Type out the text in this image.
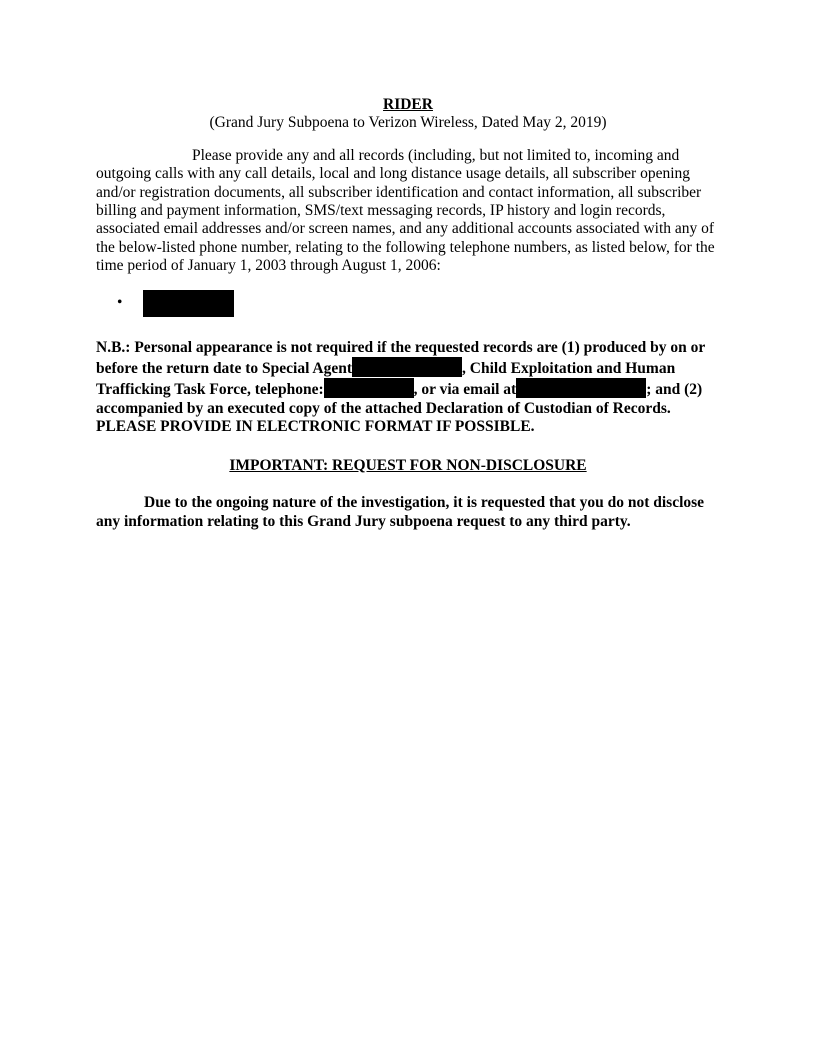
RIDER

(Grand Jury Subpoena to Verizon Wireless, Dated May 2, 2019)

Please provide any and all records (including, but not limited to, incoming and outgoing calls with any call details, local and long distance usage details, all subscriber opening and/or registration documents, all subscriber identification and contact information, all subscriber billing and payment information, SMS/text messaging records, IP history and login records, associated email addresses and/or screen names, and any additional accounts associated with any of the below-listed phone number, relating to the following telephone numbers, as listed below, for the time period of January 1, 2003 through August 1, 2006:

•

N.B.: Personal appearance is not required if the requested records are (1) produced by on or before the return date to Special Agent	, Child Exploitation and Human Trafficking Task Force, telephone:	, or via email at	; and (2) accompanied by an executed copy of the attached Declaration of Custodian of Records. PLEASE PROVIDE IN ELECTRONIC FORMAT IF POSSIBLE.

IMPORTANT: REQUEST FOR NON-DISCLOSURE

Due to the ongoing nature of the investigation, it is requested that you do not disclose any information relating to this Grand Jury subpoena request to any third party.
